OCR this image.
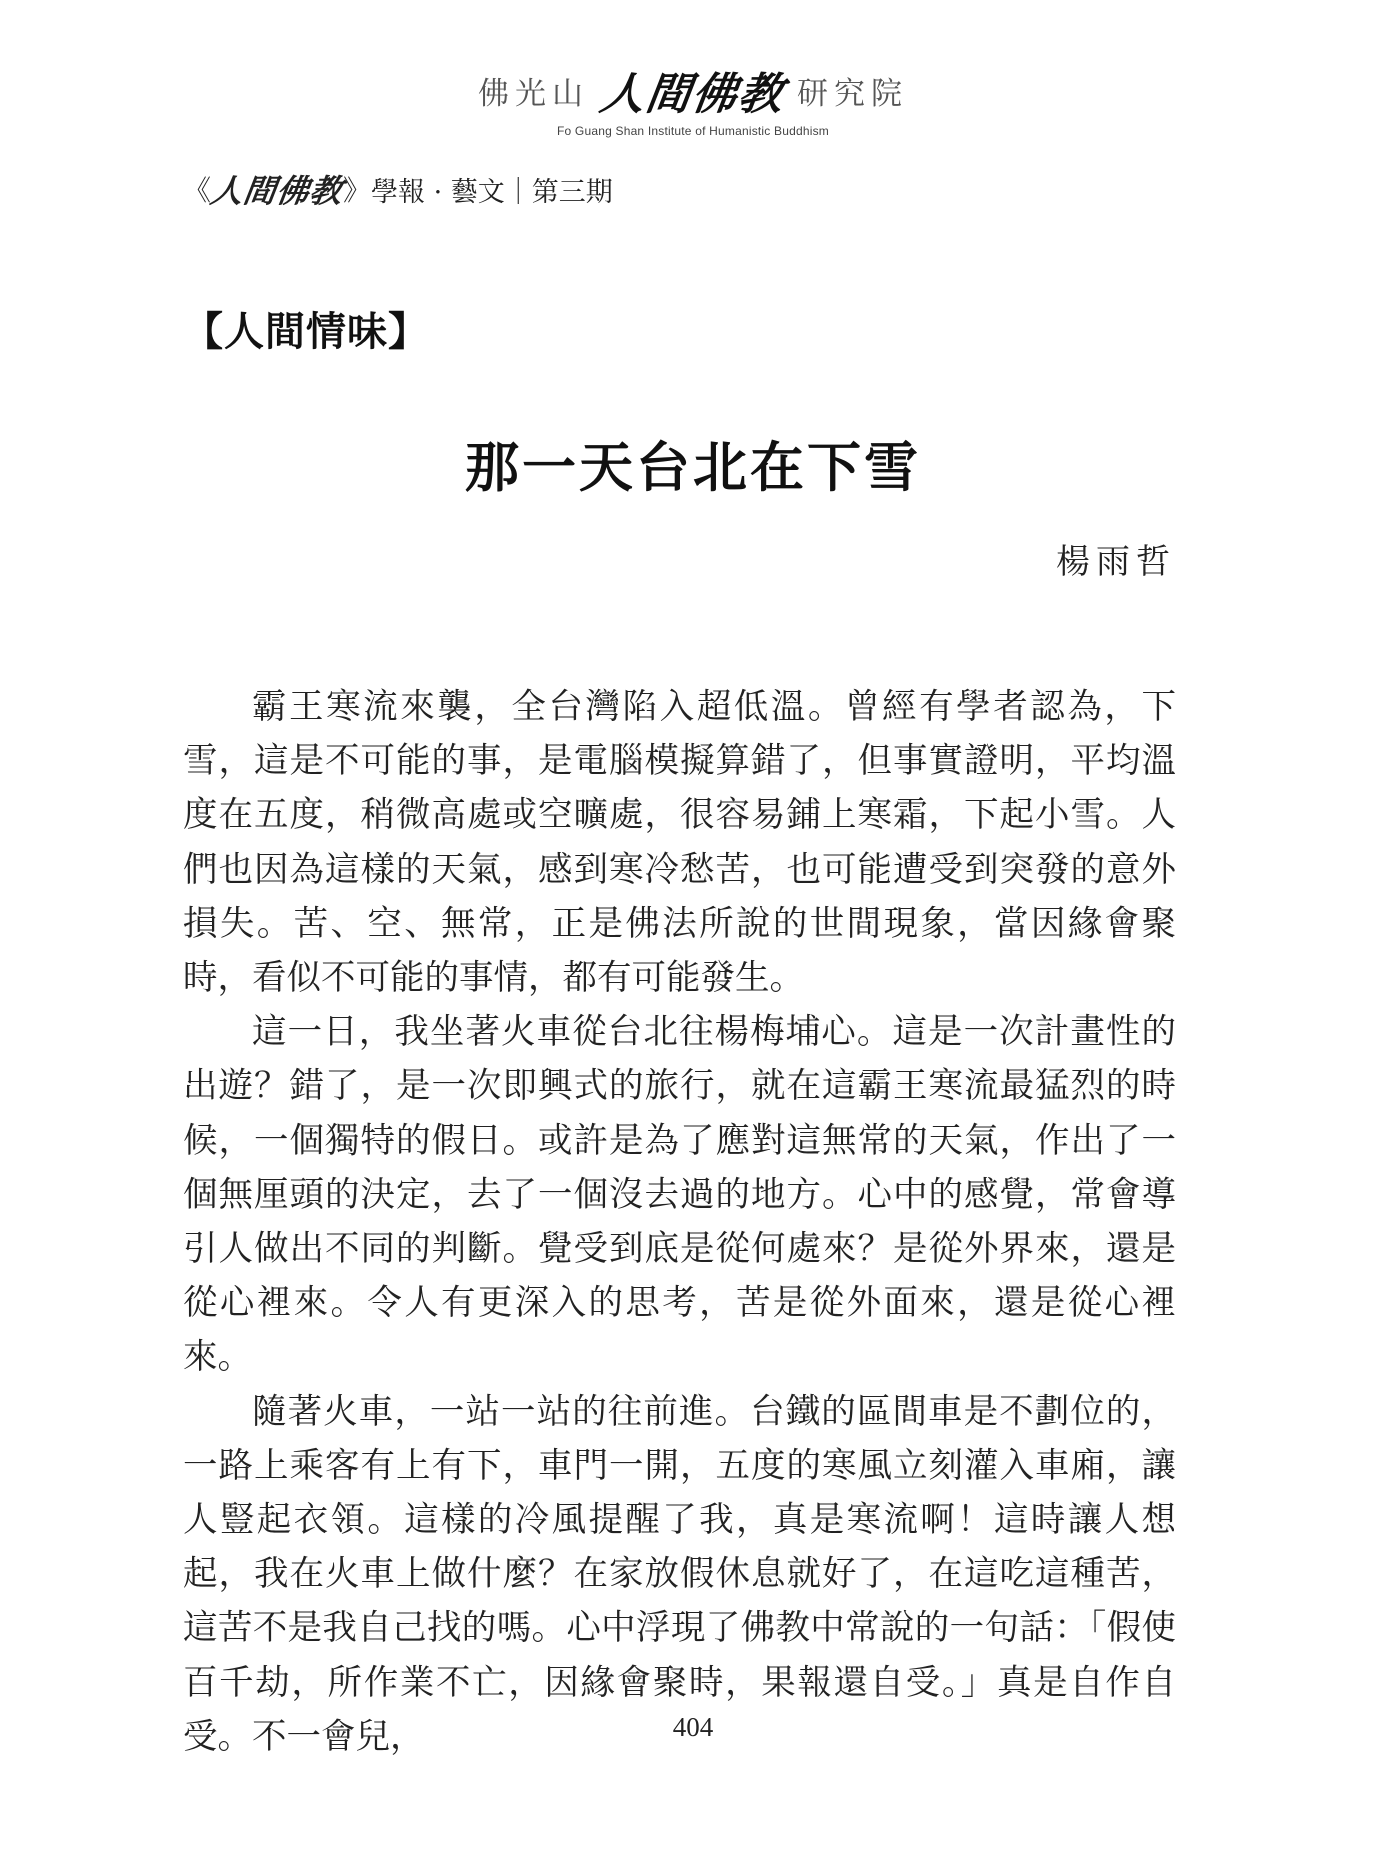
佛光山 人間佛教 研究院
Fo Guang Shan Institute of Humanistic Buddhism
《
人間佛教
》 學報 · 藝文｜第三期
【人間情味】
那一天台北在下雪
楊雨哲

霸王寒流來襲，全台灣陷入超低溫。曾經有學者認為，下雪，這是不可能的事，是電腦模擬算錯了，但事實證明，平均溫度在五度，稍微高處或空曠處，很容易鋪上寒霜，下起小雪。人們也因為這樣的天氣，感到寒冷愁苦，也可能遭受到突發的意外損失。苦、空、無常，正是佛法所說的世間現象，當因緣會聚時，看似不可能的事情，都有可能發生。

這一日，我坐著火車從台北往楊梅埔心。這是一次計畫性的出遊？錯了，是一次即興式的旅行，就在這霸王寒流最猛烈的時候，一個獨特的假日。或許是為了應對這無常的天氣，作出了一個無厘頭的決定，去了一個沒去過的地方。心中的感覺，常會導引人做出不同的判斷。覺受到底是從何處來？是從外界來，還是從心裡來。令人有更深入的思考，苦是從外面來，還是從心裡來。

隨著火車，一站一站的往前進。台鐵的區間車是不劃位的，一路上乘客有上有下，車門一開，五度的寒風立刻灌入車廂，讓人豎起衣領。這樣的冷風提醒了我，真是寒流啊！這時讓人想起，我在火車上做什麼？在家放假休息就好了，在這吃這種苦，這苦不是我自己找的嗎。心中浮現了佛教中常說的一句話：「假使百千劫，所作業不亡，因緣會聚時，果報還自受。」真是自作自受。不一會兒，	404
